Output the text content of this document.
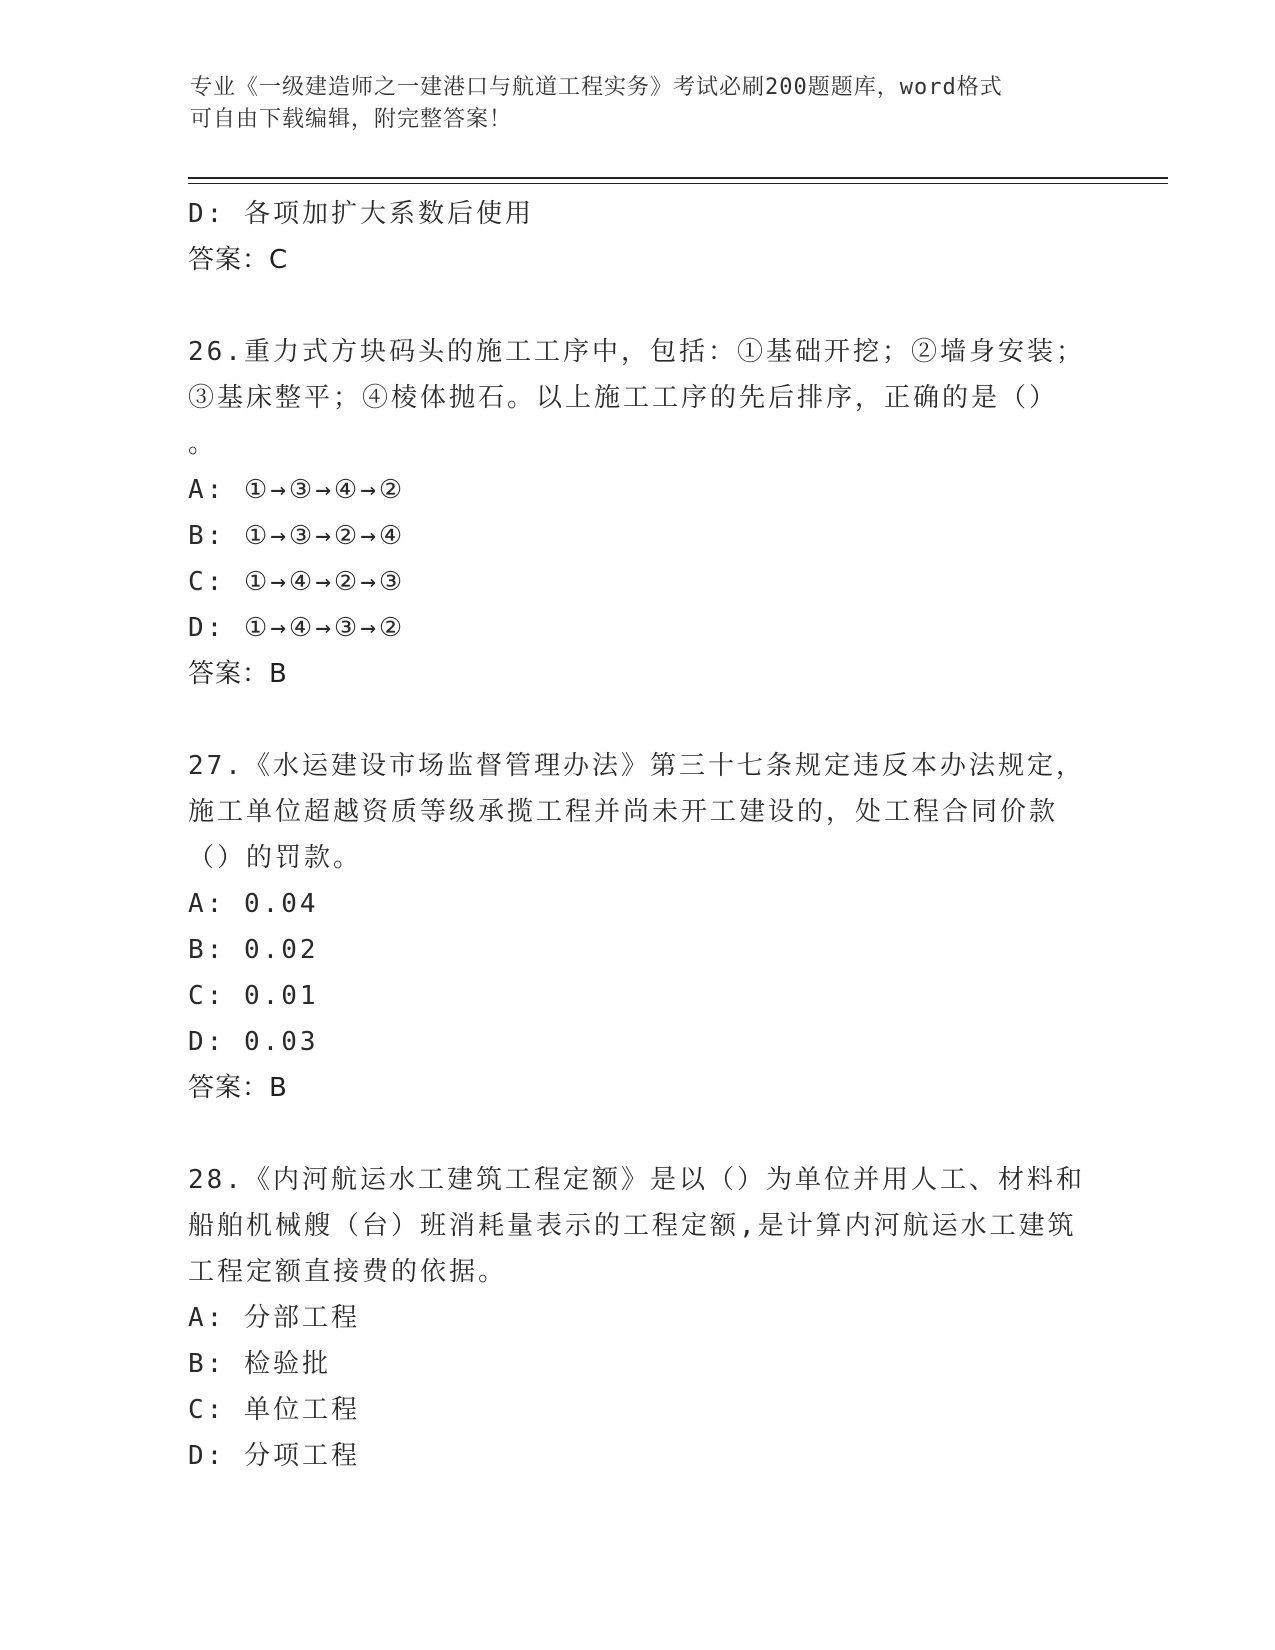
专业《一级建造师之一建港口与航道工程实务》考试必刷200题题库，word格式
可自由下载编辑，附完整答案！
D: 各项加扩大系数后使用
答案：C
26.重力式方块码头的施工工序中，包括：①基础开挖；②墙身安装；
③基床整平；④棱体抛石。以上施工工序的先后排序，正确的是（）
。
A: ①→③→④→②
B: ①→③→②→④
C: ①→④→②→③
D: ①→④→③→②
答案：B
27.《水运建设市场监督管理办法》第三十七条规定违反本办法规定，
施工单位超越资质等级承揽工程并尚未开工建设的，处工程合同价款
（）的罚款。
A: 0.04
B: 0.02
C: 0.01
D: 0.03
答案：B
28.《内河航运水工建筑工程定额》是以（）为单位并用人工、材料和
船舶机械艘（台）班消耗量表示的工程定额,是计算内河航运水工建筑
工程定额直接费的依据。
A: 分部工程
B: 检验批
C: 单位工程
D: 分项工程
